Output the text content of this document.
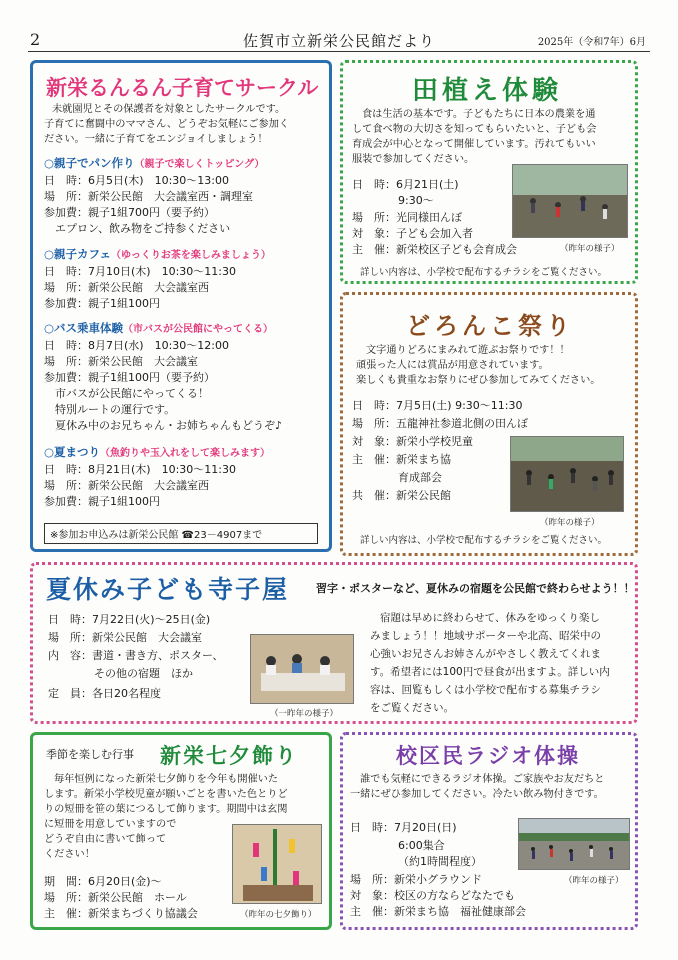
2	佐賀市立新栄公民館だより	2025年（令和7年）6月
新栄るんるん子育てサークル
未就園児とその保護者を対象としたサークルです。
子育てに奮闘中のママさん、どうぞお気軽にご参加く
ださい。一緒に子育てをエンジョイしましょう！
○親子でパン作り（親子で楽しくトッピング）
日　時：6月5日(木)　10:30～13:00
場　所：新栄公民館　大会議室西・調理室
参加費：親子1組700円（要予約）
　エプロン、飲み物をご持参ください
○親子カフェ（ゆっくりお茶を楽しみましょう）
日　時：7月10日(木)　10:30～11:30
場　所：新栄公民館　大会議室西
参加費：親子1組100円
○バス乗車体験（市バスが公民館にやってくる）
日　時：8月7日(水)　10:30～12:00
場　所：新栄公民館　大会議室
参加費：親子1組100円（要予約）
　市バスが公民館にやってくる！
　特別ルートの運行です。
　夏休み中のお兄ちゃん・お姉ちゃんもどうぞ♪
○夏まつり（魚釣りや玉入れをして楽しみます）
日　時：8月21日(木)　10:30～11:30
場　所：新栄公民館　大会議室西
参加費：親子1組100円
※参加お申込みは新栄公民館 ☎23－4907まで
田植え体験
食は生活の基本です。子どもたちに日本の農業を通
して食べ物の大切さを知ってもらいたいと、子ども会
育成会が中心となって開催しています。汚れてもいい
服装で参加してください。
日　時：6月21日(土)
9:30～
場　所：光同様田んぼ
対　象：子ども会加入者
主　催：新栄校区子ども会育成会	（昨年の様子）
詳しい内容は、小学校で配布するチラシをご覧ください。
どろんこ祭り
文字通りどろにまみれて遊ぶお祭りです！！
頑張った人には賞品が用意されています。
楽しくも貴重なお祭りにぜひ参加してみてください。
日　時：7月5日(土) 9:30～11:30
場　所：五龍神社参道北側の田んぼ
対　象：新栄小学校児童
主　催：新栄まち協
育成部会
共　催：新栄公民館
（昨年の様子）
詳しい内容は、小学校で配布するチラシをご覧ください。
夏休み子ども寺子屋 習字・ポスターなど、夏休みの宿題を公民館で終わらせよう！！
日　時：7月22日(火)～25日(金)
場　所：新栄公民館　大会議室
内　容：書道・書き方、ポスター、
その他の宿題　ほか
定　員：各日20名程度
（一昨年の様子）
宿題は早めに終わらせて、休みをゆっくり楽し
みましょう！！地域サポーターや北高、昭栄中の
心強いお兄さんお姉さんがやさしく教えてくれま
す。希望者には100円で昼食が出ますよ。詳しい内
容は、回覧もしくは小学校で配布する募集チラシ
をご覧ください。
季節を楽しむ行事 新栄七夕飾り
毎年恒例になった新栄七夕飾りを今年も開催いた
します。新栄小学校児童が願いごとを書いた色とりど
りの短冊を笹の葉につるして飾ります。期間中は玄関
に短冊を用意していますので
どうぞ自由に書いて飾って
ください！
（昨年の七夕飾り）
期　間：6月20日(金)～
場　所：新栄公民館　ホール
主　催：新栄まちづくり協議会
校区民ラジオ体操
誰でも気軽にできるラジオ体操。ご家族やお友だちと
一緒にぜひ参加してください。冷たい飲み物付きです。
日　時：7月20日(日)
6:00集合
（約1時間程度）
場　所：新栄小グラウンド
対　象：校区の方ならどなたでも
主　催：新栄まち協　福祉健康部会
（昨年の様子）
